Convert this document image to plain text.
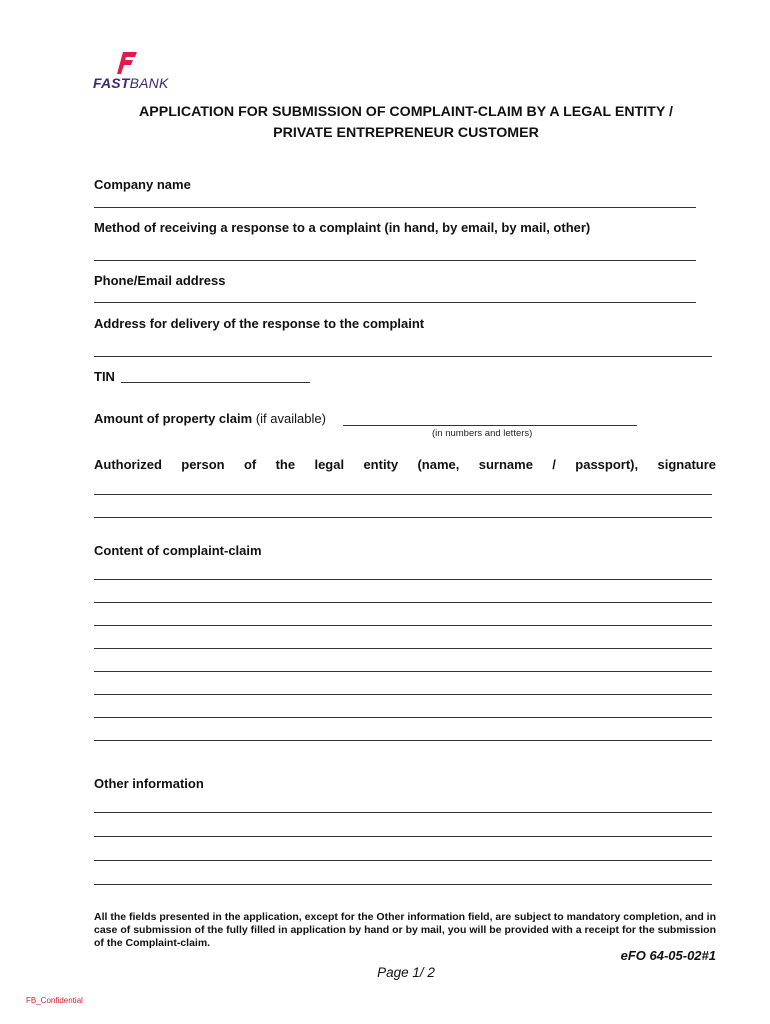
FASTBANK
APPLICATION FOR SUBMISSION OF COMPLAINT-CLAIM BY A LEGAL ENTITY /
PRIVATE ENTREPRENEUR CUSTOMER
Company name
Method of receiving a response to a complaint (in hand, by email, by mail, other)
Phone/Email address
Address for delivery of the response to the complaint
TIN
Amount of property claim (if available)
(in numbers and letters)
Authorized person of the legal entity (name, surname / passport), signature
Content of complaint-claim
Other information
All the fields presented in the application, except for the Other information field, are subject to mandatory completion, and in case of submission of the fully filled in application by hand or by mail, you will be provided with a receipt for the submission of the Complaint-claim.
eFO 64-05-02#1
Page 1/ 2
FB_Confidential
